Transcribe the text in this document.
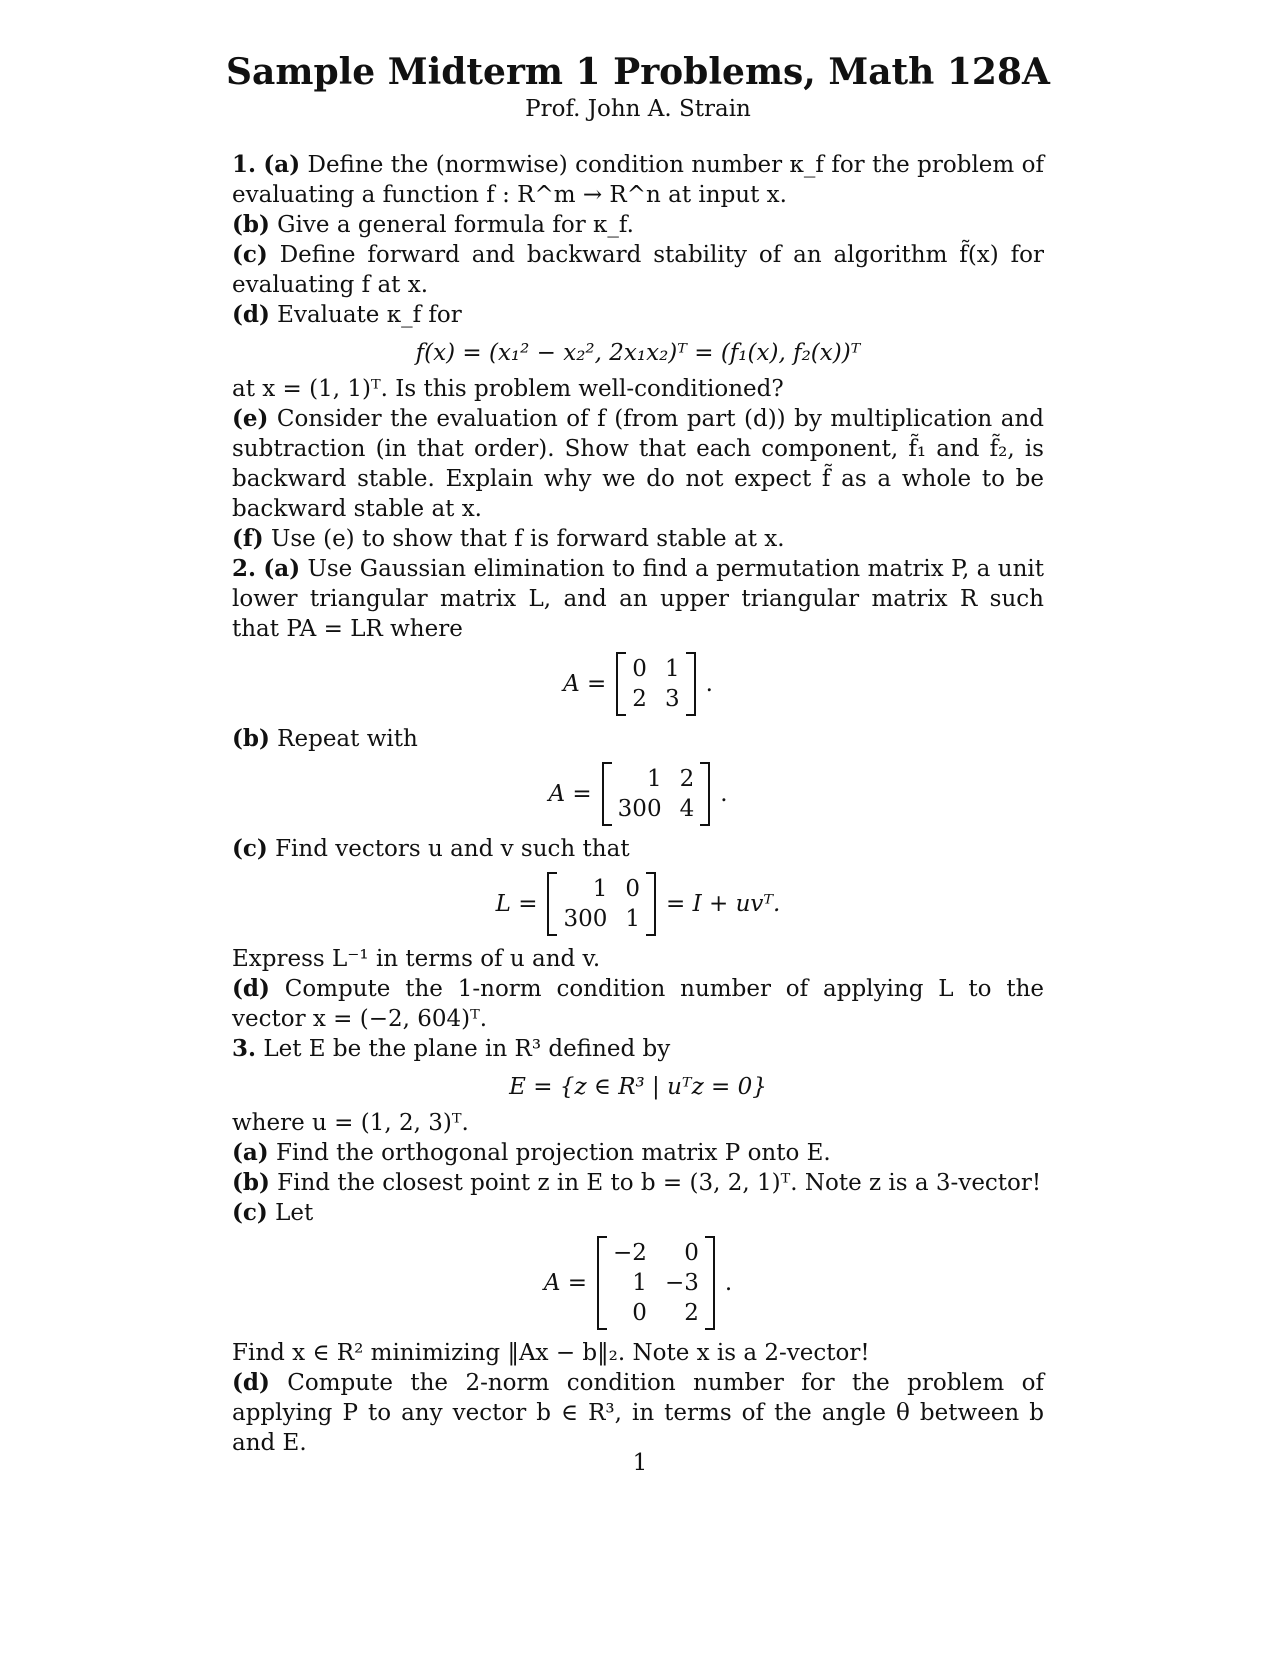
Sample Midterm 1 Problems, Math 128A
Prof. John A. Strain

1. (a) Define the (normwise) condition number κ_f for the problem of evaluating a function f : R^m → R^n at input x.

(b) Give a general formula for κ_f.

(c) Define forward and backward stability of an algorithm f̃(x) for evaluating f at x.

(d) Evaluate κ_f for

f(x) = (x₁² − x₂², 2x₁x₂)ᵀ = (f₁(x), f₂(x))ᵀ

at x = (1, 1)ᵀ. Is this problem well-conditioned?

(e) Consider the evaluation of f (from part (d)) by multiplication and subtraction (in that order). Show that each component, f̃₁ and f̃₂, is backward stable. Explain why we do not expect f̃ as a whole to be backward stable at x.

(f) Use (e) to show that f is forward stable at x.

2. (a) Use Gaussian elimination to find a permutation matrix P, a unit lower triangular matrix L, and an upper triangular matrix R such that PA = LR where

A =
0 1
2 3
.

(b) Repeat with

A =
1 2
300 4
.

(c) Find vectors u and v such that

L =
1 0
300 1
= I + uvᵀ.

Express L⁻¹ in terms of u and v.

(d) Compute the 1-norm condition number of applying L to the vector x = (−2, 604)ᵀ.

3. Let E be the plane in R³ defined by

E = {z ∈ R³ | uᵀz = 0}

where u = (1, 2, 3)ᵀ.

(a) Find the orthogonal projection matrix P onto E.

(b) Find the closest point z in E to b = (3, 2, 1)ᵀ. Note z is a 3-vector!

(c) Let

A =
−2	0
1 −3
0	2
.

Find x ∈ R² minimizing ‖Ax − b‖₂. Note x is a 2-vector!

(d) Compute the 2-norm condition number for the problem of applying P to any vector b ∈ R³, in terms of the angle θ between b and E.

1
